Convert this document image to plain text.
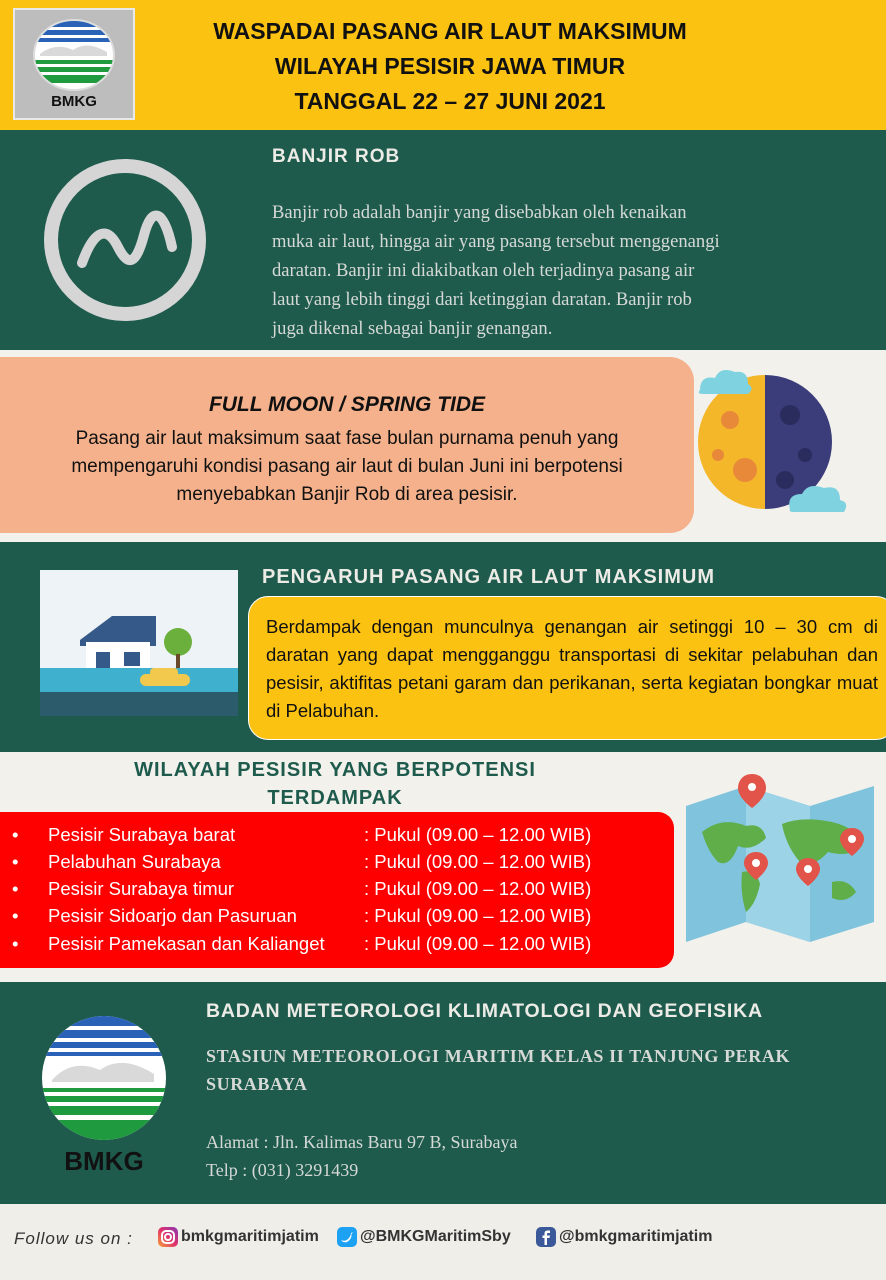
BMKG
WASPADAI PASANG AIR LAUT MAKSIMUM
WILAYAH PESISIR JAWA TIMUR
TANGGAL 22 – 27 JUNI 2021
BANJIR ROB
Banjir rob adalah banjir yang disebabkan oleh kenaikan
muka air laut, hingga air yang pasang tersebut menggenangi
daratan. Banjir ini diakibatkan oleh terjadinya pasang air
laut yang lebih tinggi dari ketinggian daratan. Banjir rob
juga dikenal sebagai banjir genangan.
FULL MOON / SPRING TIDE
Pasang air laut maksimum saat fase bulan purnama penuh yang
mempengaruhi kondisi pasang air laut di bulan Juni ini berpotensi
menyebabkan Banjir Rob di area pesisir.
PENGARUH PASANG AIR LAUT MAKSIMUM
Berdampak dengan munculnya genangan air setinggi 10 – 30 cm di daratan yang dapat mengganggu transportasi di sekitar pelabuhan dan pesisir, aktifitas petani garam dan perikanan, serta kegiatan bongkar muat di Pelabuhan.
WILAYAH PESISIR YANG BERPOTENSI
TERDAMPAK
• Pesisir Surabaya barat	: Pukul (09.00 – 12.00 WIB)
• Pelabuhan Surabaya	: Pukul (09.00 – 12.00 WIB)
• Pesisir Surabaya timur	: Pukul (09.00 – 12.00 WIB)
• Pesisir Sidoarjo dan Pasuruan	: Pukul (09.00 – 12.00 WIB)
• Pesisir Pamekasan dan Kalianget : Pukul (09.00 – 12.00 WIB)
BMKG
BADAN METEOROLOGI KLIMATOLOGI DAN GEOFISIKA
STASIUN METEOROLOGI MARITIM KELAS II TANJUNG PERAK
SURABAYA
Alamat : Jln. Kalimas Baru 97 B, Surabaya
Telp : (031) 3291439
Follow us on :	bmkgmaritimjatim	@BMKGMaritimSby	@bmkgmaritimjatim
